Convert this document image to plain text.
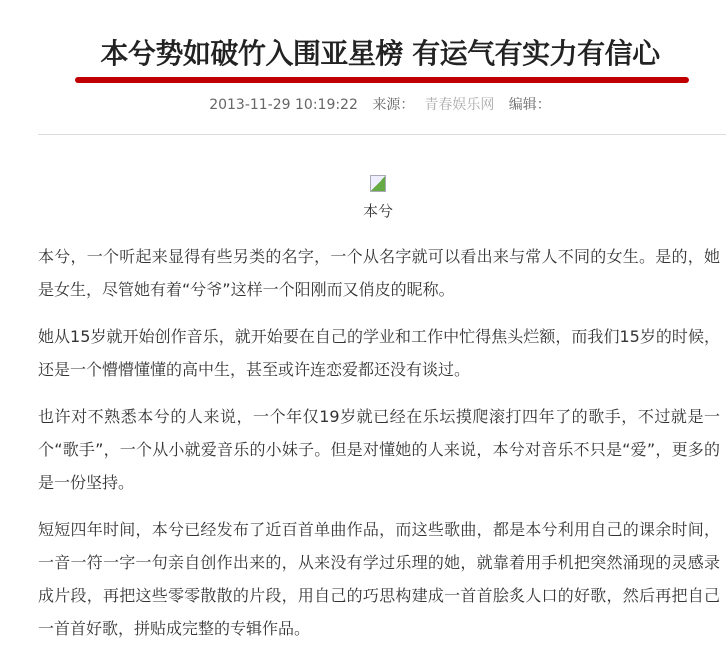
本兮势如破竹入围亚星榜 有运气有实力有信心
2013-11-29 10:19:22 来源： 青春娱乐网 编辑：
本兮

本兮，一个听起来显得有些另类的名字，一个从名字就可以看出来与常人不同的女生。是的，她是女生，尽管她有着“兮爷”这样一个阳刚而又俏皮的昵称。

她从15岁就开始创作音乐，就开始要在自己的学业和工作中忙得焦头烂额，而我们15岁的时候，还是一个懵懵懂懂的高中生，甚至或许连恋爱都还没有谈过。

也许对不熟悉本兮的人来说，一个年仅19岁就已经在乐坛摸爬滚打四年了的歌手，不过就是一个“歌手”，一个从小就爱音乐的小妹子。但是对懂她的人来说，本兮对音乐不只是“爱”，更多的是一份坚持。

短短四年时间，本兮已经发布了近百首单曲作品，而这些歌曲，都是本兮利用自己的课余时间，一音一符一字一句亲自创作出来的，从来没有学过乐理的她，就靠着用手机把突然涌现的灵感录成片段，再把这些零零散散的片段，用自己的巧思构建成一首首脍炙人口的好歌，然后再把自己一首首好歌，拼贴成完整的专辑作品。
